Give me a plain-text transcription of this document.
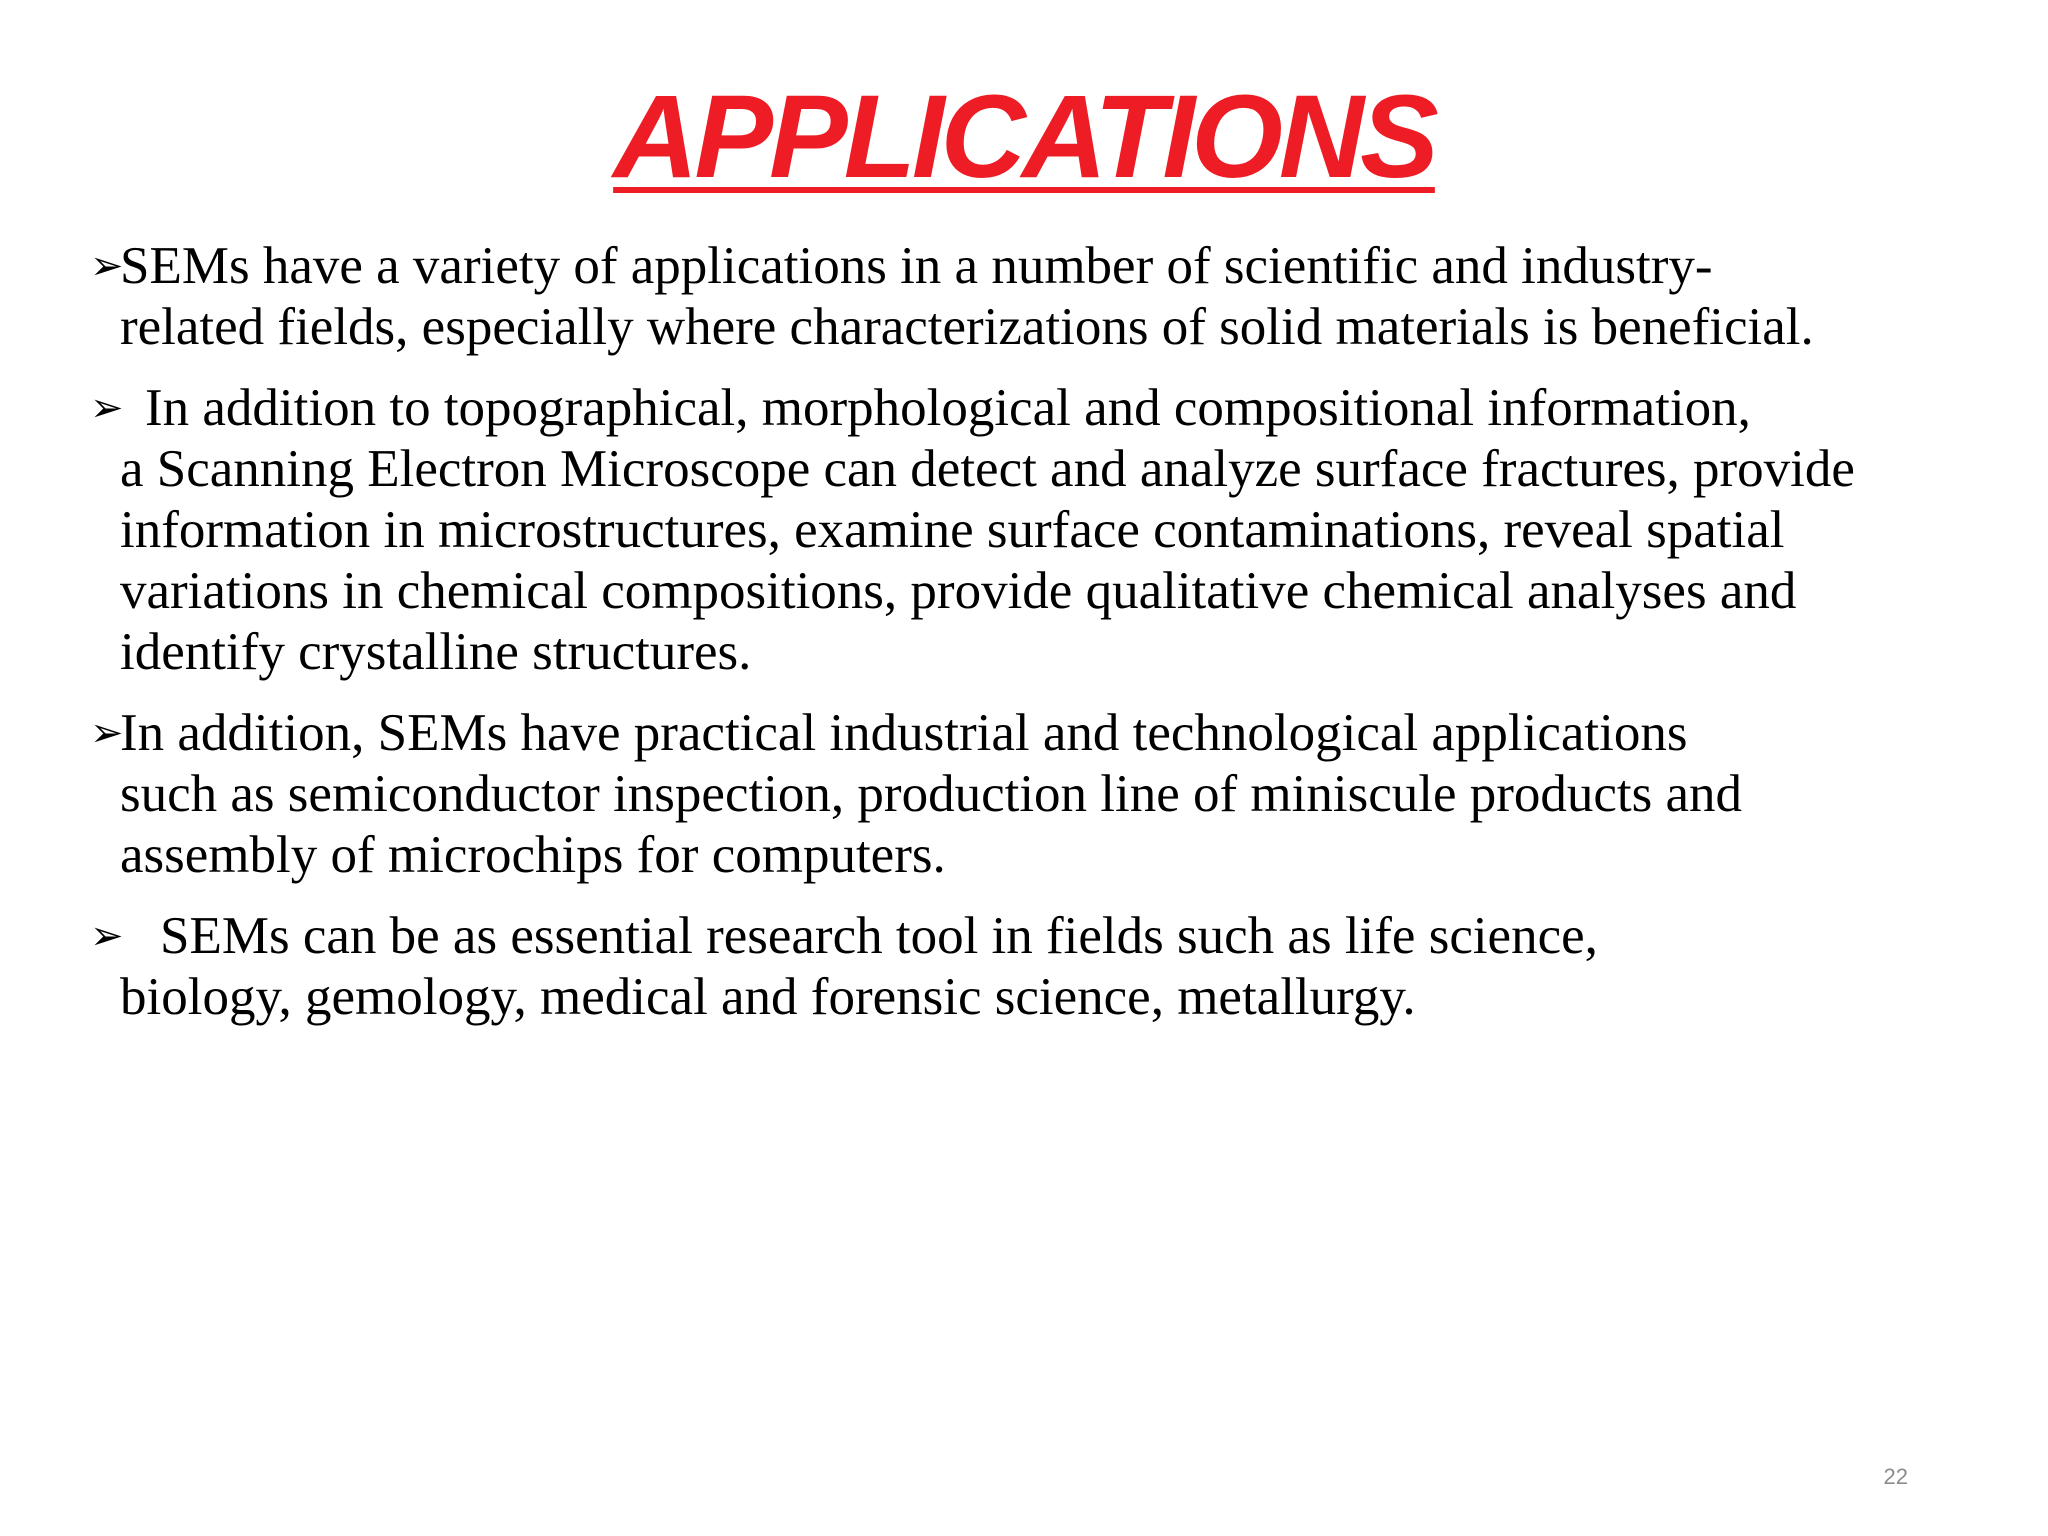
APPLICATIONS
➢
SEMs have a variety of applications in a number of scientific and industry-
related fields, especially where characterizations of solid materials is beneficial.
➢ In addition to topographical, morphological and compositional information,
a Scanning Electron Microscope can detect and analyze surface fractures, provide information in microstructures, examine surface contaminations, reveal spatial variations in chemical compositions, provide qualitative chemical analyses and identify crystalline structures.
➢
In addition, SEMs have practical industrial and technological applications
such as semiconductor inspection, production line of miniscule products and assembly of microchips for computers.
➢ SEMs can be as essential research tool in fields such as life science,
biology, gemology, medical and forensic science, metallurgy.
22
